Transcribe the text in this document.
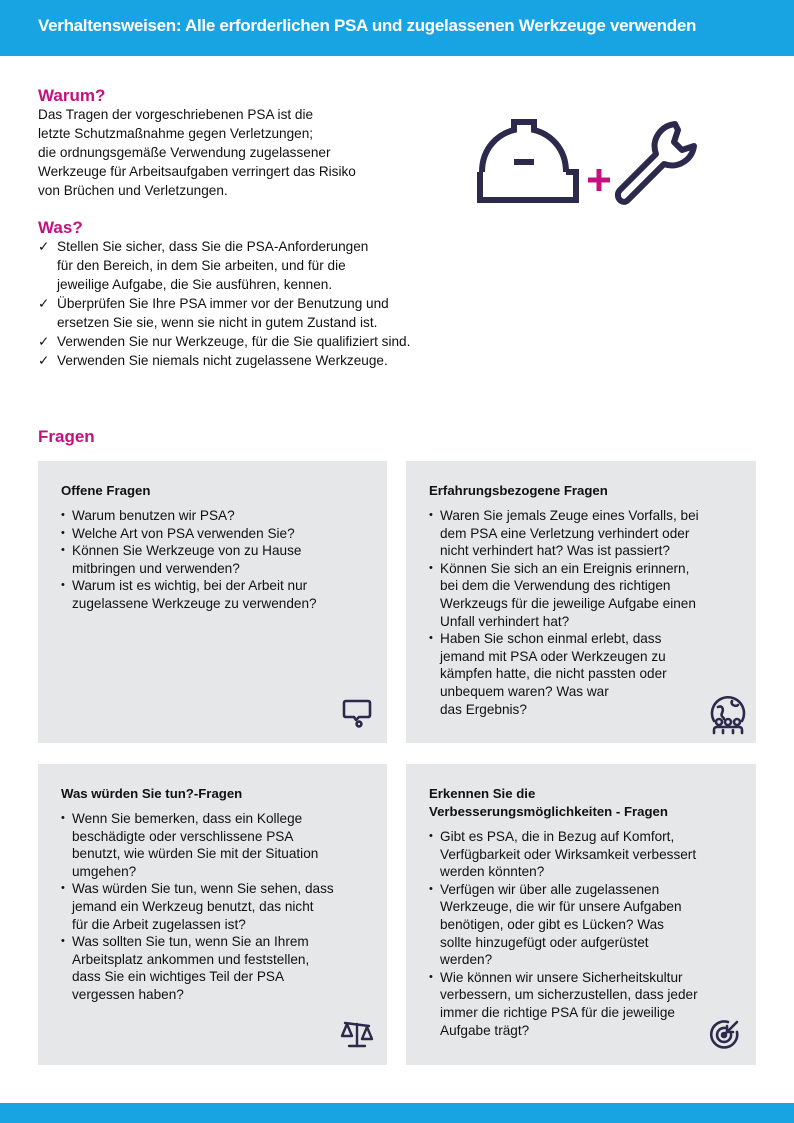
Verhaltensweisen: Alle erforderlichen PSA und zugelassenen Werkzeuge verwenden
Warum?
Das Tragen der vorgeschriebenen PSA ist die
letzte Schutzmaßnahme gegen Verletzungen;
die ordnungsgemäße Verwendung zugelassener
Werkzeuge für Arbeitsaufgaben verringert das Risiko
von Brüchen und Verletzungen.
Was?
✓ Stellen Sie sicher, dass Sie die PSA-Anforderungen
für den Bereich, in dem Sie arbeiten, und für die
jeweilige Aufgabe, die Sie ausführen, kennen.
✓ Überprüfen Sie Ihre PSA immer vor der Benutzung und
ersetzen Sie sie, wenn sie nicht in gutem Zustand ist.
✓ Verwenden Sie nur Werkzeuge, für die Sie qualifiziert sind.
✓ Verwenden Sie niemals nicht zugelassene Werkzeuge.
Fragen
Offene Fragen
• Warum benutzen wir PSA?
• Welche Art von PSA verwenden Sie?
• Können Sie Werkzeuge von zu Hause
mitbringen und verwenden?
• Warum ist es wichtig, bei der Arbeit nur
zugelassene Werkzeuge zu verwenden?
Erfahrungsbezogene Fragen
• Waren Sie jemals Zeuge eines Vorfalls, bei
dem PSA eine Verletzung verhindert oder
nicht verhindert hat? Was ist passiert?
• Können Sie sich an ein Ereignis erinnern,
bei dem die Verwendung des richtigen
Werkzeugs für die jeweilige Aufgabe einen
Unfall verhindert hat?
• Haben Sie schon einmal erlebt, dass
jemand mit PSA oder Werkzeugen zu
kämpfen hatte, die nicht passten oder
unbequem waren? Was war
das Ergebnis?
Was würden Sie tun?-Fragen
• Wenn Sie bemerken, dass ein Kollege
beschädigte oder verschlissene PSA
benutzt, wie würden Sie mit der Situation
umgehen?
• Was würden Sie tun, wenn Sie sehen, dass
jemand ein Werkzeug benutzt, das nicht
für die Arbeit zugelassen ist?
• Was sollten Sie tun, wenn Sie an Ihrem
Arbeitsplatz ankommen und feststellen,
dass Sie ein wichtiges Teil der PSA
vergessen haben?
Erkennen Sie die
Verbesserungsmöglichkeiten - Fragen
• Gibt es PSA, die in Bezug auf Komfort,
Verfügbarkeit oder Wirksamkeit verbessert
werden könnten?
• Verfügen wir über alle zugelassenen
Werkzeuge, die wir für unsere Aufgaben
benötigen, oder gibt es Lücken? Was
sollte hinzugefügt oder aufgerüstet
werden?
• Wie können wir unsere Sicherheitskultur
verbessern, um sicherzustellen, dass jeder
immer die richtige PSA für die jeweilige
Aufgabe trägt?
